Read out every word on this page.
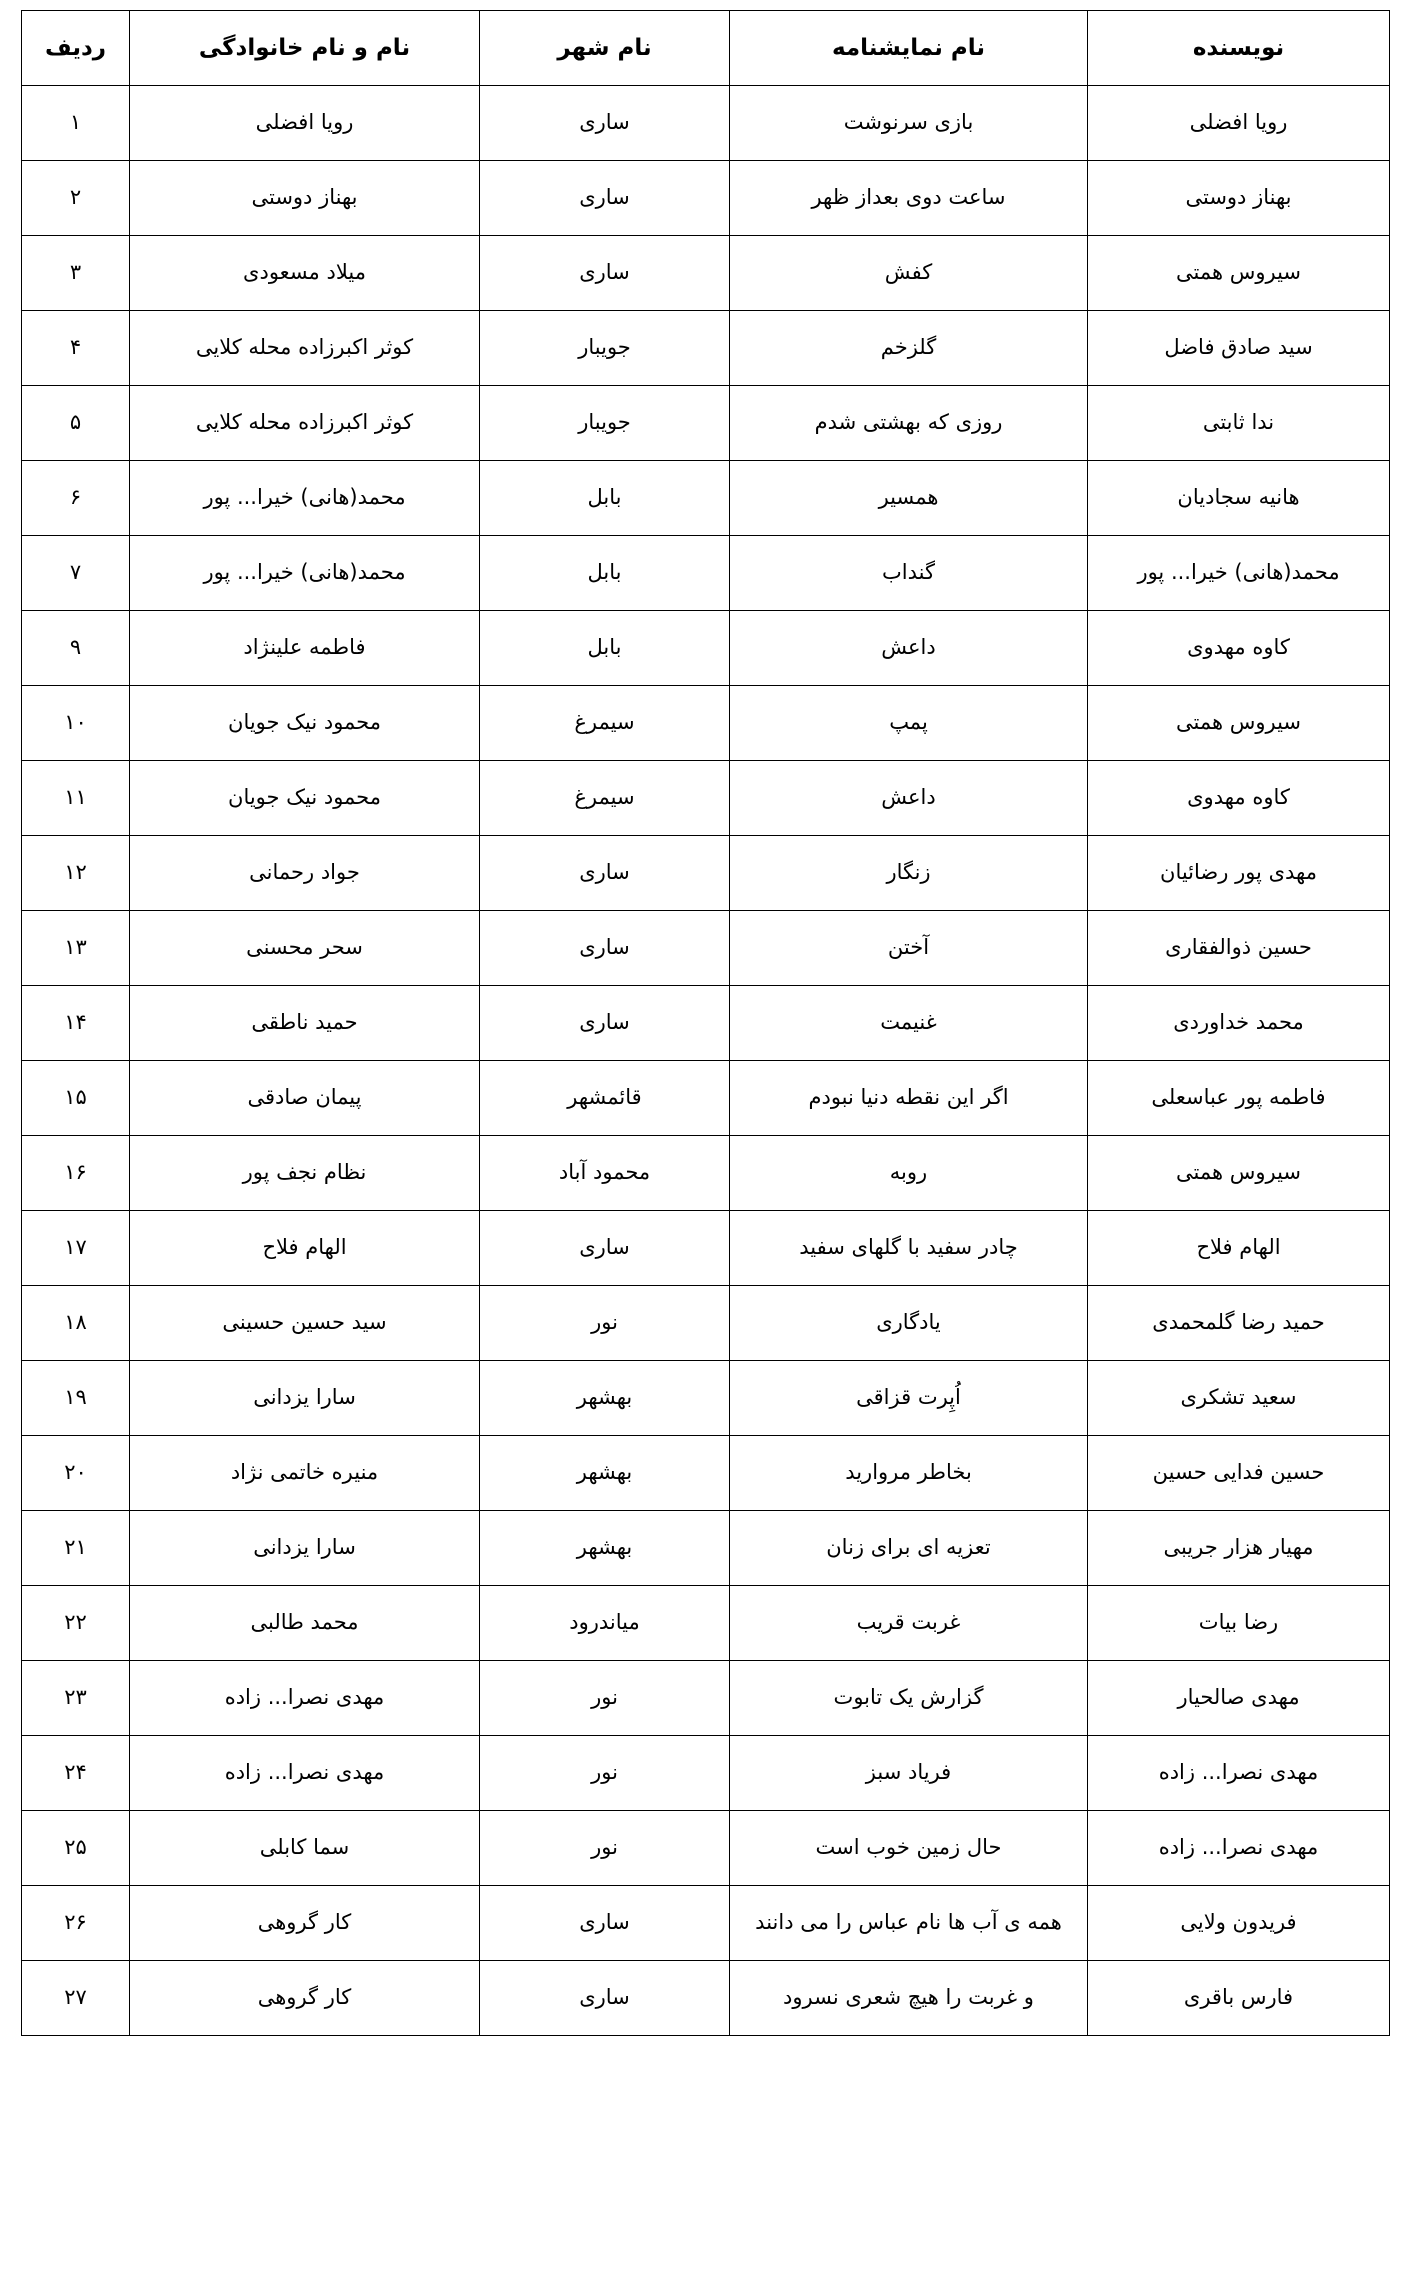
نویسنده	نام نمایشنامه	نام شهر	نام و نام خانوادگی	ردیف
رویا افضلی	بازی سرنوشت	ساری	رویا افضلی	۱
بهناز دوستی	ساعت دوی بعداز ظهر	ساری	بهناز دوستی	۲
سیروس همتی	کفش	ساری	میلاد مسعودی	۳
سید صادق فاضل	گلزخم	جویبار	کوثر اکبرزاده محله کلایی	۴
ندا ثابتی	روزی که بهشتی شدم	جویبار	کوثر اکبرزاده محله کلایی	۵
هانیه سجادیان	همسیر	بابل	محمد(هانی) خیرا... پور	۶
محمد(هانی) خیرا... پور	گنداب	بابل	محمد(هانی) خیرا... پور	۷
کاوه مهدوی	داعش	بابل	فاطمه علینژاد	۹
سیروس همتی	پمپ	سیمرغ	محمود نیک جویان	۱۰
کاوه مهدوی	داعش	سیمرغ	محمود نیک جویان	۱۱
مهدی پور رضائیان	زنگار	ساری	جواد رحمانی	۱۲
حسین ذوالفقاری	آختن	ساری	سحر محسنی	۱۳
محمد خداوردی	غنیمت	ساری	حمید ناطقی	۱۴
فاطمه پور عباسعلی	اگر این نقطه دنیا نبودم	قائمشهر	پیمان صادقی	۱۵
سیروس همتی	روبه	محمود آباد	نظام نجف پور	۱۶
الهام فلاح	چادر سفید با گلهای سفید	ساری	الهام فلاح	۱۷
حمید رضا گلمحمدی	یادگاری	نور	سید حسین حسینی	۱۸
سعید تشکری	اُپِرت قزاقی	بهشهر	سارا یزدانی	۱۹
حسین فدایی حسین	بخاطر مروارید	بهشهر	منیره خاتمی نژاد	۲۰
مهیار هزار جریبی	تعزیه ای برای زنان	بهشهر	سارا یزدانی	۲۱
رضا بیات	غربت قریب	میاندرود	محمد طالبی	۲۲
مهدی صالحیار	گزارش یک تابوت	نور	مهدی نصرا... زاده	۲۳
مهدی نصرا... زاده	فریاد سبز	نور	مهدی نصرا... زاده	۲۴
مهدی نصرا... زاده	حال زمین خوب است	نور	سما کابلی	۲۵
فریدون ولایی	همه ی آب ها نام عباس را می دانند	ساری	کار گروهی	۲۶
فارس باقری	و غربت را هیچ شعری نسرود	ساری	کار گروهی	۲۷
